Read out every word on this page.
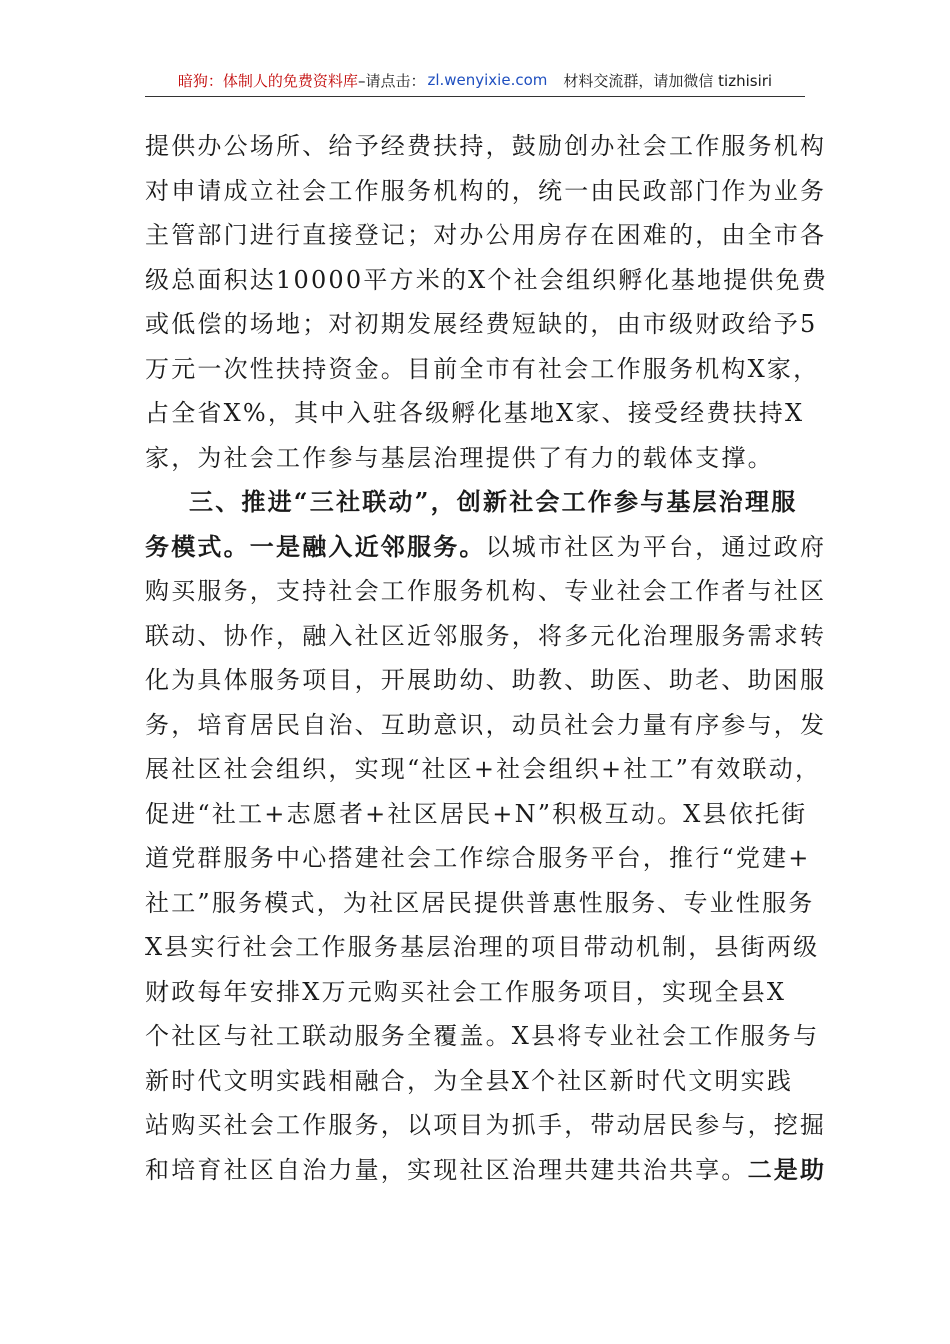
暗狗：体制人的免费资料库 –请点击： zl.wenyixie.com 材料交流群，请加微信 tizhisiri
提供办公场所、给予经费扶持，鼓励创办社会工作服务机构
对申请成立社会工作服务机构的，统一由民政部门作为业务
主管部门进行直接登记；对办公用房存在困难的，由全市各
级总面积达10000平方米的X个社会组织孵化基地提供免费
或低偿的场地；对初期发展经费短缺的，由市级财政给予5
万元一次性扶持资金。目前全市有社会工作服务机构X家，
占全省X%，其中入驻各级孵化基地X家、接受经费扶持X
家，为社会工作参与基层治理提供了有力的载体支撑。
三、推进“三社联动”，创新社会工作参与基层治理服
务模式。一是融入近邻服务。以城市社区为平台，通过政府
购买服务，支持社会工作服务机构、专业社会工作者与社区
联动、协作，融入社区近邻服务，将多元化治理服务需求转
化为具体服务项目，开展助幼、助教、助医、助老、助困服
务，培育居民自治、互助意识，动员社会力量有序参与，发
展社区社会组织，实现“社区+社会组织+社工”有效联动，
促进“社工+志愿者+社区居民+N”积极互动。X县依托街
道党群服务中心搭建社会工作综合服务平台，推行“党建+
社工”服务模式，为社区居民提供普惠性服务、专业性服务
X县实行社会工作服务基层治理的项目带动机制，县街两级
财政每年安排X万元购买社会工作服务项目，实现全县X
个社区与社工联动服务全覆盖。X县将专业社会工作服务与
新时代文明实践相融合，为全县X个社区新时代文明实践
站购买社会工作服务，以项目为抓手，带动居民参与，挖掘
和培育社区自治力量，实现社区治理共建共治共享。二是助
